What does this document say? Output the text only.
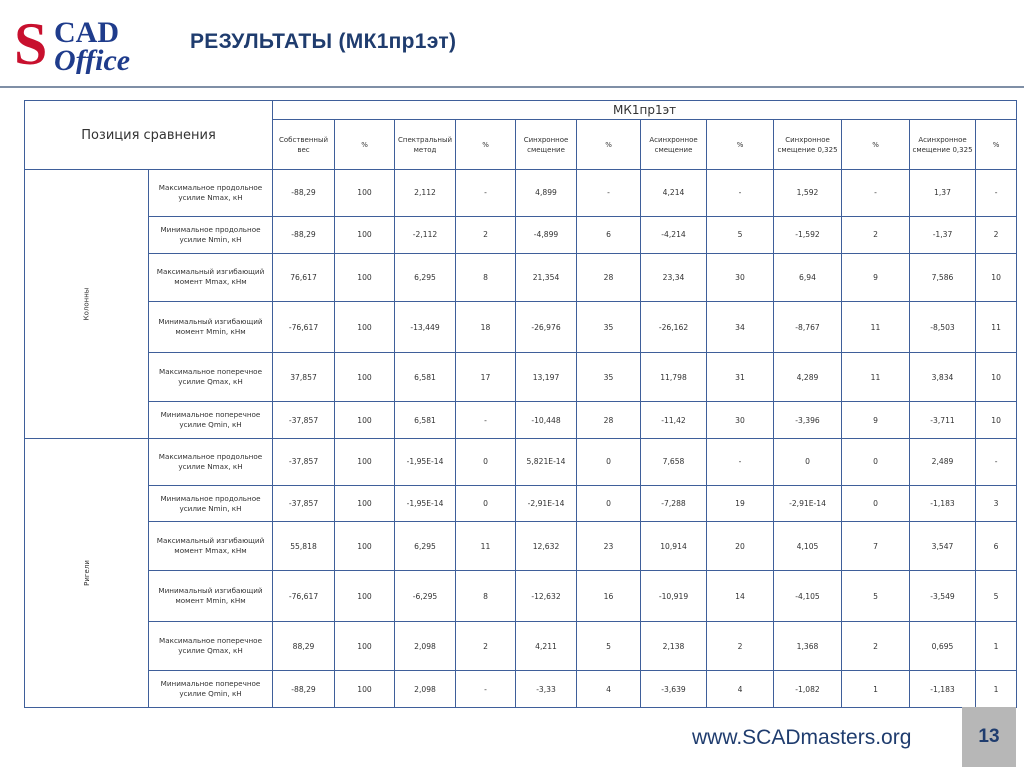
S CAD
Office
РЕЗУЛЬТАТЫ (МК1пр1эт)
Позиция сравнения		МК1пр1эт											
		Собственный вес	%	Спектральный метод	%	Синхронное смещение	%	Асинхронное смещение	%	Синхронное смещение 0,325	%	Асинхронное смещение 0,325	%
Колонны	Максимальное продольное усилие Nmax, кН	-88,29	100	2,112	-	4,899	-	4,214	-	1,592	-	1,37	-
	Минимальное продольное усилие Nmin, кН	-88,29	100	-2,112	2	-4,899	6	-4,214	5	-1,592	2	-1,37	2
	Максимальный изгибающий момент Mmax, кНм	76,617	100	6,295	8	21,354	28	23,34	30	6,94	9	7,586	10
	Минимальный изгибающий момент Mmin, кНм	-76,617	100	-13,449	18	-26,976	35	-26,162	34	-8,767	11	-8,503	11
	Максимальное поперечное усилие Qmax, кН	37,857	100	6,581	17	13,197	35	11,798	31	4,289	11	3,834	10
	Минимальное поперечное усилие Qmin, кН	-37,857	100	6,581	-	-10,448	28	-11,42	30	-3,396	9	-3,711	10
Ригели	Максимальное продольное усилие Nmax, кН	-37,857	100	-1,95E-14	0	5,821E-14	0	7,658	-	0	0	2,489	-
	Минимальное продольное усилие Nmin, кН	-37,857	100	-1,95E-14	0	-2,91E-14	0	-7,288	19	-2,91E-14	0	-1,183	3
	Максимальный изгибающий момент Mmax, кНм	55,818	100	6,295	11	12,632	23	10,914	20	4,105	7	3,547	6
	Минимальный изгибающий момент Mmin, кНм	-76,617	100	-6,295	8	-12,632	16	-10,919	14	-4,105	5	-3,549	5
	Максимальное поперечное усилие Qmax, кН	88,29	100	2,098	2	4,211	5	2,138	2	1,368	2	0,695	1
	Минимальное поперечное усилие Qmin, кН	-88,29	100	2,098	-	-3,33	4	-3,639	4	-1,082	1	-1,183	1
www.SCADmasters.org	13
